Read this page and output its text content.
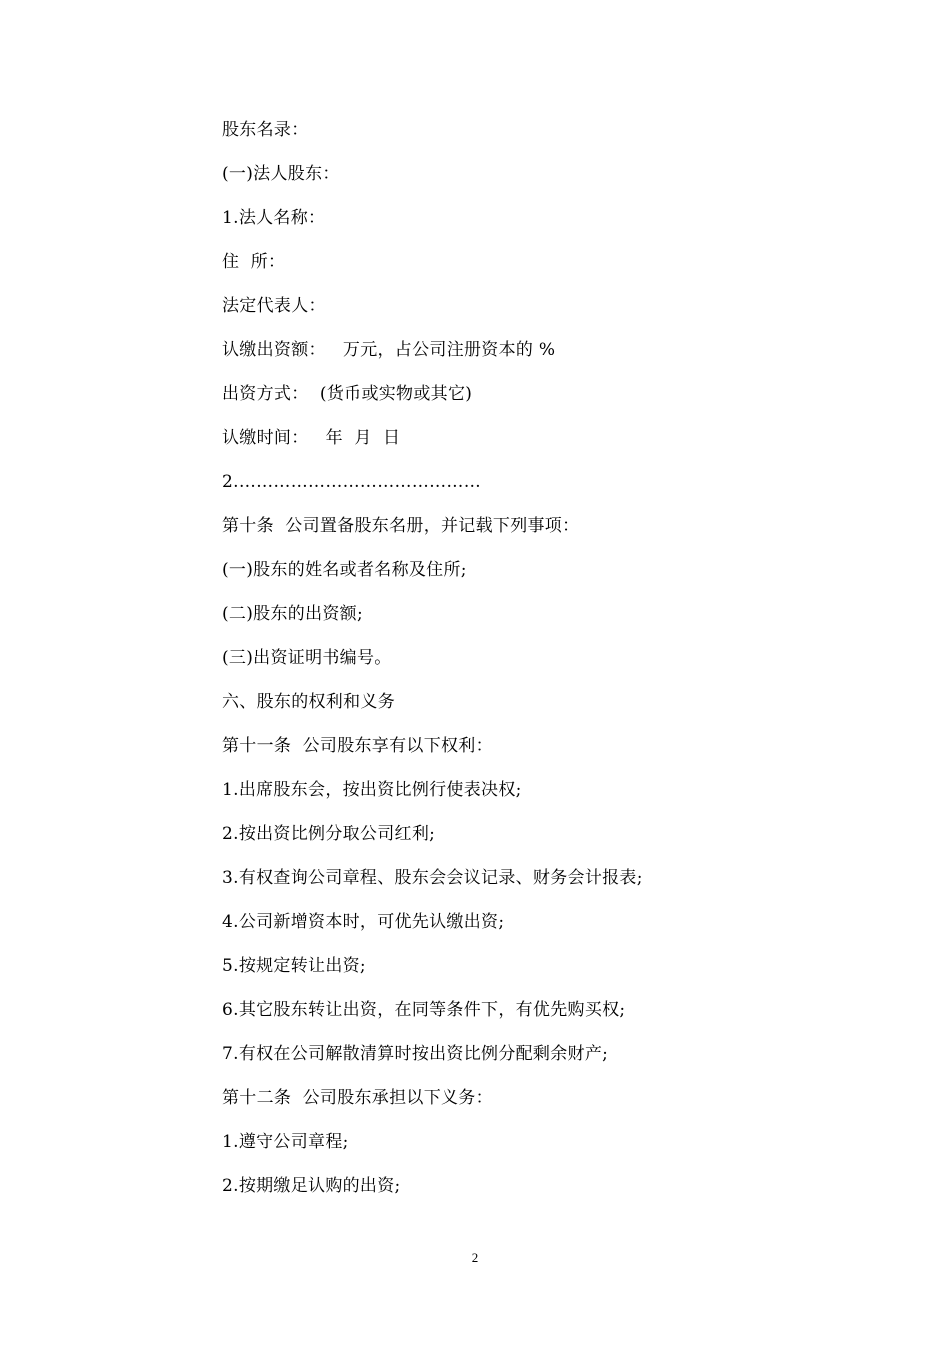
股东名录：
(一)法人股东：
1.法人名称：
住  所：
法定代表人：
认缴出资额：   万元，占公司注册资本的 %
出资方式：  (货币或实物或其它)
认缴时间：   年  月  日
2.……………………………………
第十条  公司置备股东名册，并记载下列事项：
(一)股东的姓名或者名称及住所;
(二)股东的出资额;
(三)出资证明书编号。
六、股东的权利和义务
第十一条  公司股东享有以下权利：
1.出席股东会，按出资比例行使表决权;
2.按出资比例分取公司红利;
3.有权查询公司章程、股东会会议记录、财务会计报表;
4.公司新增资本时，可优先认缴出资;
5.按规定转让出资;
6.其它股东转让出资，在同等条件下，有优先购买权;
7.有权在公司解散清算时按出资比例分配剩余财产;
第十二条  公司股东承担以下义务：
1.遵守公司章程;
2.按期缴足认购的出资;
2
